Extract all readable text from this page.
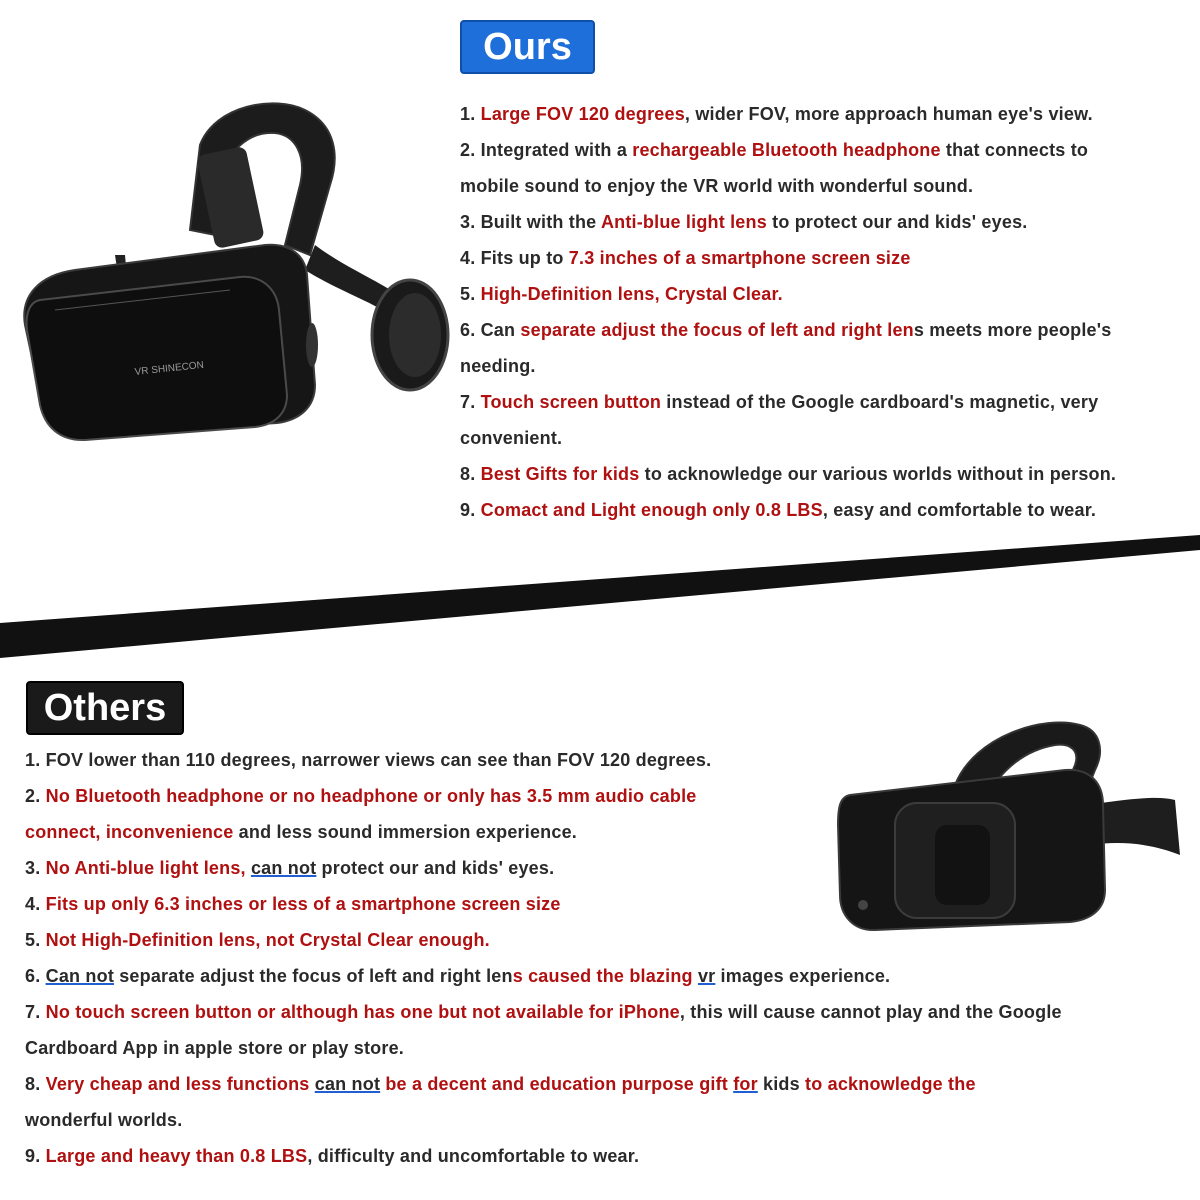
Ours
VR SHINECON
1. Large FOV 120 degrees, wider FOV, more approach human eye's view.
2. Integrated with a rechargeable Bluetooth headphone that connects to
mobile sound to enjoy the VR world with wonderful sound.
3. Built with the Anti-blue light lens to protect our and kids' eyes.
4. Fits up to 7.3 inches of a smartphone screen size
5. High-Definition lens, Crystal Clear.
6. Can separate adjust the focus of left and right lens meets more people's
needing.
7. Touch screen button instead of the Google cardboard's magnetic, very
convenient.
8. Best Gifts for kids to acknowledge our various worlds without in person.
9. Comact and Light enough only 0.8 LBS, easy and comfortable to wear.
Others
1. FOV lower than 110 degrees, narrower views can see than FOV 120 degrees.
2. No Bluetooth headphone or no headphone or only has 3.5 mm audio cable
connect, inconvenience and less sound immersion experience.
3. No Anti-blue light lens, can not protect our and kids' eyes.
4. Fits up only 6.3 inches or less of a smartphone screen size
5. Not High-Definition lens, not Crystal Clear enough.
6. Can not separate adjust the focus of left and right lens caused the blazing vr images experience.
7. No touch screen button or although has one but not available for iPhone, this will cause cannot play and the Google
Cardboard App in apple store or play store.
8. Very cheap and less functions can not be a decent and education purpose gift for kids to acknowledge the
wonderful worlds.
9. Large and heavy than 0.8 LBS, difficulty and uncomfortable to wear.
